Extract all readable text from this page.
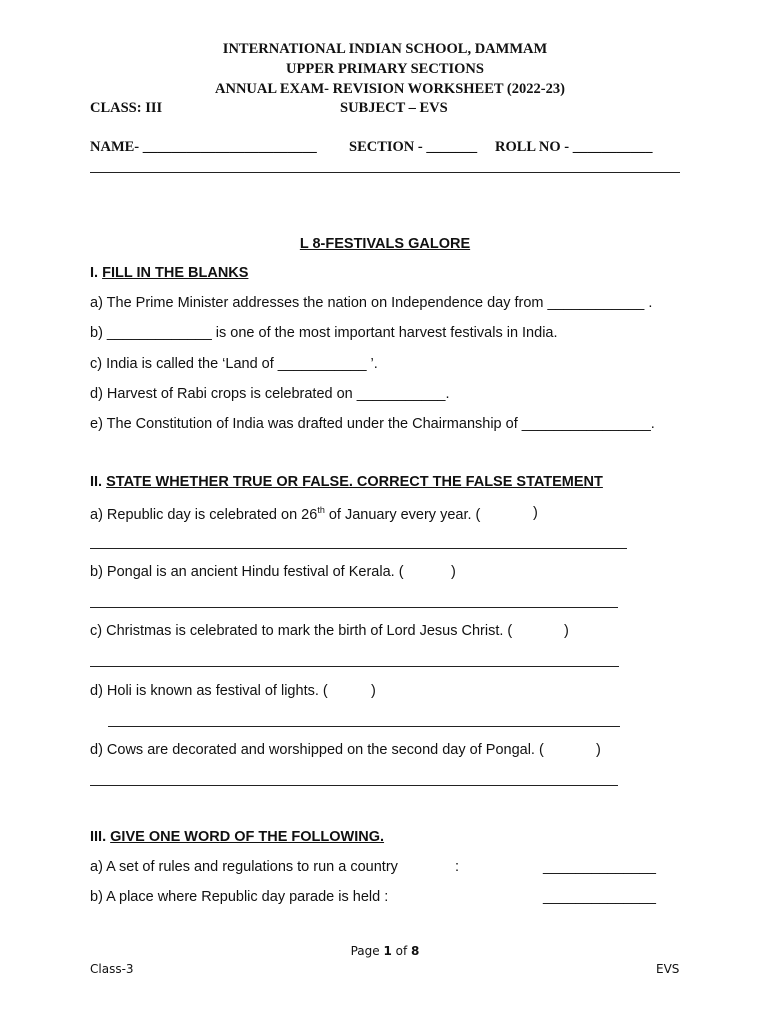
INTERNATIONAL INDIAN SCHOOL, DAMMAM
UPPER PRIMARY SECTIONS
ANNUAL EXAM- REVISION WORKSHEET (2022-23)
CLASS: III	SUBJECT – EVS
NAME- ________________________ SECTION - _______ ROLL NO - ___________
L 8-FESTIVALS GALORE
I. FILL IN THE BLANKS
a) The Prime Minister addresses the nation on Independence day from ____________ .
b) _____________ is one of the most important harvest festivals in India.
c) India is called the ‘Land of ___________ ’.
d) Harvest of Rabi crops is celebrated on ___________.
e) The Constitution of India was drafted under the Chairmanship of ________________.
II. STATE WHETHER TRUE OR FALSE. CORRECT THE FALSE STATEMENT
a) Republic day is celebrated on 26th of January every year. (	)
b) Pongal is an ancient Hindu festival of Kerala. (	)
c) Christmas is celebrated to mark the birth of Lord Jesus Christ. (	)
d) Holi is known as festival of lights. (	)
d) Cows are decorated and worshipped on the second day of Pongal. (	)
III. GIVE ONE WORD OF THE FOLLOWING.
a) A set of rules and regulations to run a country	:	______________
b) A place where Republic day parade is held :	______________
Page 1 of 8
Class-3	EVS
